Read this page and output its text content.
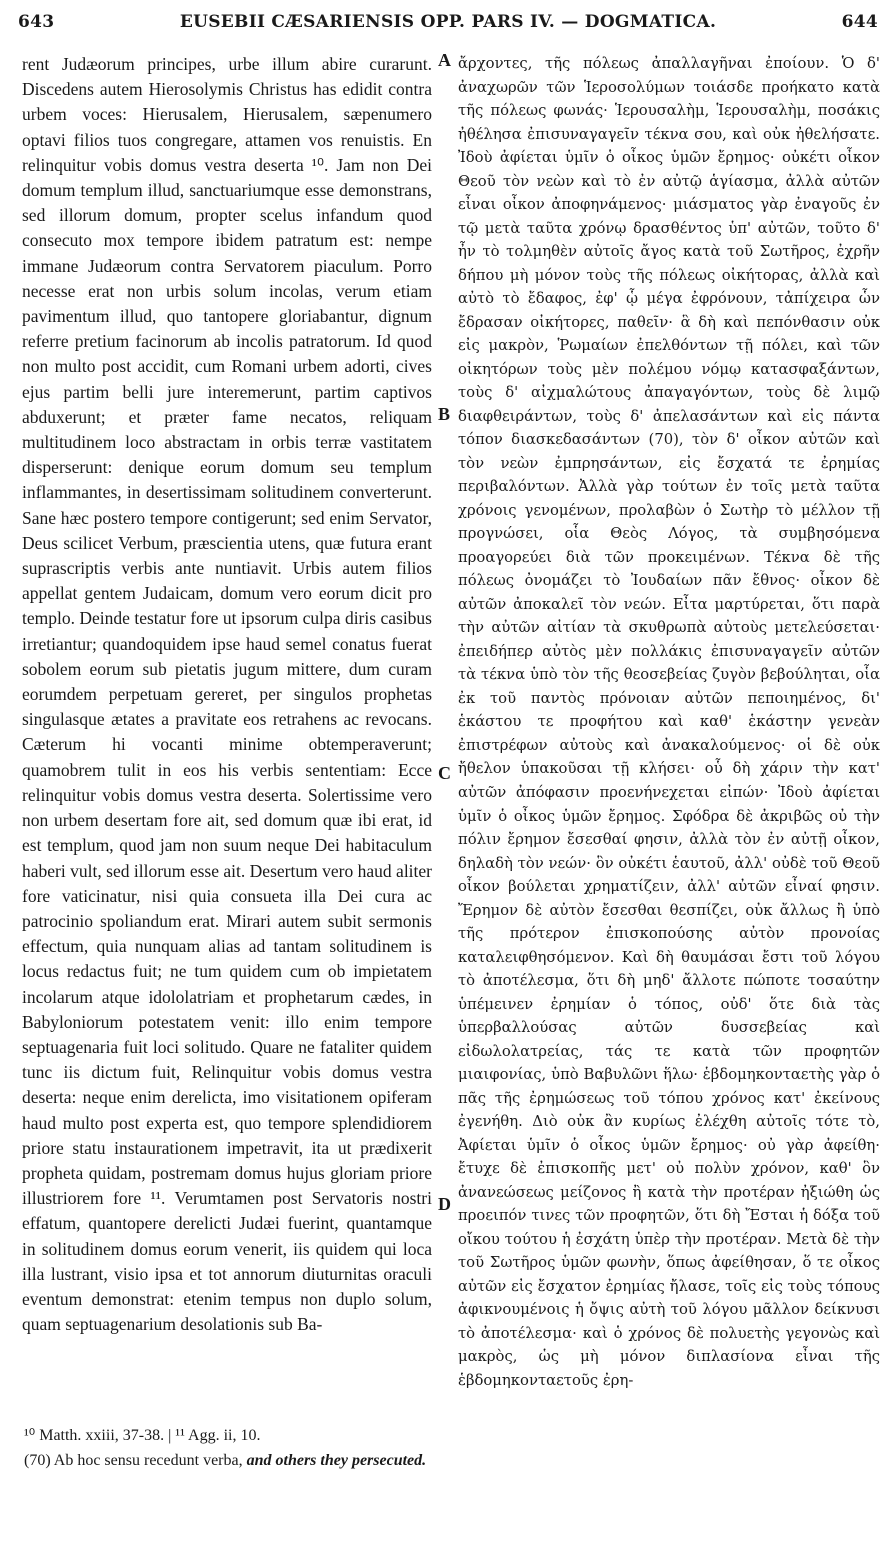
643	EUSEBII CÆSARIENSIS OPP. PARS IV. — DOGMATICA.	644

rent Judæorum principes, urbe illum abire curarunt. Discedens autem Hierosolymis Christus has edidit contra urbem voces: Hierusalem, Hierusalem, sæpenumero optavi filios tuos congregare, attamen vos renuistis. En relinquitur vobis domus vestra deserta ¹⁰. Jam non Dei domum templum illud, sanctuariumque esse demonstrans, sed illorum domum, propter scelus infandum quod consecuto mox tempore ibidem patratum est: nempe immane Judæorum contra Servatorem piaculum. Porro necesse erat non urbis solum incolas, verum etiam pavimentum illud, quo tantopere gloriabantur, dignum referre pretium facinorum ab incolis patratorum. Id quod non multo post accidit, cum Romani urbem adorti, cives ejus partim belli jure interemerunt, partim captivos abduxerunt; et præter fame necatos, reliquam multitudinem loco abstractam in orbis terræ vastitatem disperserunt: denique eorum domum seu templum inflammantes, in desertissimam solitudinem converterunt. Sane hæc postero tempore contigerunt; sed enim Servator, Deus scilicet Verbum, præscientia utens, quæ futura erant suprascriptis verbis ante nuntiavit. Urbis autem filios appellat gentem Judaicam, domum vero eorum dicit pro templo. Deinde testatur fore ut ipsorum culpa diris casibus irretiantur; quandoquidem ipse haud semel conatus fuerat sobolem eorum sub pietatis jugum mittere, dum curam eorumdem perpetuam gereret, per singulos prophetas singulasque ætates a pravitate eos retrahens ac revocans. Cæterum hi vocanti minime obtemperaverunt; quamobrem tulit in eos his verbis sententiam: Ecce relinquitur vobis domus vestra deserta. Solertissime vero non urbem desertam fore ait, sed domum quæ ibi erat, id est templum, quod jam non suum neque Dei habitaculum haberi vult, sed illorum esse ait. Desertum vero haud aliter fore vaticinatur, nisi quia consueta illa Dei cura ac patrocinio spoliandum erat. Mirari autem subit sermonis effectum, quia nunquam alias ad tantam solitudinem is locus redactus fuit; ne tum quidem cum ob impietatem incolarum atque idololatriam et prophetarum cædes, in Babyloniorum potestatem venit: illo enim tempore septuagenaria fuit loci solitudo. Quare ne fataliter quidem tunc iis dictum fuit, Relinquitur vobis domus vestra deserta: neque enim derelicta, imo visitationem opiferam haud multo post experta est, quo tempore splendidiorem priore statu instaurationem impetravit, ita ut prædixerit propheta quidam, postremam domus hujus gloriam priore illustriorem fore ¹¹. Verumtamen post Servatoris nostri effatum, quantopere derelicti Judæi fuerint, quantamque in solitudinem domus eorum venerit, iis quidem qui loca illa lustrant, visio ipsa et tot annorum diuturnitas oraculi eventum demonstrat: etenim tempus non duplo solum, quam septuagenarium desolationis sub Ba-

A
B
C
D

ἄρχοντες, τῆς πόλεως ἀπαλλαγῆναι ἐποίουν. Ὁ δ' ἀναχωρῶν τῶν Ἱεροσολύμων τοιάσδε προήκατο κατὰ τῆς πόλεως φωνάς· Ἱερουσαλὴμ, Ἱερουσαλὴμ, ποσάκις ἠθέλησα ἐπισυναγαγεῖν τέκνα σου, καὶ οὐκ ἠθελήσατε. Ἰδοὺ ἀφίεται ὑμῖν ὁ οἶκος ὑμῶν ἔρημος· οὐκέτι οἶκον Θεοῦ τὸν νεὼν καὶ τὸ ἐν αὐτῷ ἁγίασμα, ἀλλὰ αὐτῶν εἶναι οἶκον ἀποφηνάμενος· μιάσματος γὰρ ἐναγοῦς ἐν τῷ μετὰ ταῦτα χρόνῳ δρασθέντος ὑπ' αὐτῶν, τοῦτο δ' ἦν τὸ τολμηθὲν αὐτοῖς ἄγος κατὰ τοῦ Σωτῆρος, ἐχρῆν δήπου μὴ μόνον τοὺς τῆς πόλεως οἰκήτορας, ἀλλὰ καὶ αὐτὸ τὸ ἔδαφος, ἐφ' ᾧ μέγα ἐφρόνουν, τἀπίχειρα ὧν ἔδρασαν οἰκήτορες, παθεῖν· ἃ δὴ καὶ πεπόνθασιν οὐκ εἰς μακρὸν, Ῥωμαίων ἐπελθόντων τῇ πόλει, καὶ τῶν οἰκητόρων τοὺς μὲν πολέμου νόμῳ κατασφαξάντων, τοὺς δ' αἰχμαλώτους ἀπαγαγόντων, τοὺς δὲ λιμῷ διαφθειράντων, τοὺς δ' ἀπελασάντων καὶ εἰς πάντα τόπον διασκεδασάντων (70), τὸν δ' οἶκον αὐτῶν καὶ τὸν νεὼν ἐμπρησάντων, εἰς ἔσχατά τε ἐρημίας περιβαλόντων. Ἀλλὰ γὰρ τούτων ἐν τοῖς μετὰ ταῦτα χρόνοις γενομένων, προλαβὼν ὁ Σωτὴρ τὸ μέλλον τῇ προγνώσει, οἷα Θεὸς Λόγος, τὰ συμβησόμενα προαγορεύει διὰ τῶν προκειμένων. Τέκνα δὲ τῆς πόλεως ὀνομάζει τὸ Ἰουδαίων πᾶν ἔθνος· οἶκον δὲ αὐτῶν ἀποκαλεῖ τὸν νεών. Εἶτα μαρτύρεται, ὅτι παρὰ τὴν αὐτῶν αἰτίαν τὰ σκυθρωπὰ αὐτοὺς μετελεύσεται· ἐπειδήπερ αὐτὸς μὲν πολλάκις ἐπισυναγαγεῖν αὐτῶν τὰ τέκνα ὑπὸ τὸν τῆς θεοσεβείας ζυγὸν βεβούληται, οἷα ἐκ τοῦ παντὸς πρόνοιαν αὐτῶν πεποιημένος, δι' ἑκάστου τε προφήτου καὶ καθ' ἑκάστην γενεὰν ἐπιστρέφων αὐτοὺς καὶ ἀνακαλούμενος· οἱ δὲ οὐκ ἤθελον ὑπακοῦσαι τῇ κλήσει· οὗ δὴ χάριν τὴν κατ' αὐτῶν ἀπόφασιν προενήνεχεται εἰπών· Ἰδοὺ ἀφίεται ὑμῖν ὁ οἶκος ὑμῶν ἔρημος. Σφόδρα δὲ ἀκριβῶς οὐ τὴν πόλιν ἔρημον ἔσεσθαί φησιν, ἀλλὰ τὸν ἐν αὐτῇ οἶκον, δηλαδὴ τὸν νεών· ὃν οὐκέτι ἑαυτοῦ, ἀλλ' οὐδὲ τοῦ Θεοῦ οἶκον βούλεται χρηματίζειν, ἀλλ' αὐτῶν εἶναί φησιν. Ἔρημον δὲ αὐτὸν ἔσεσθαι θεσπίζει, οὐκ ἄλλως ἢ ὑπὸ τῆς πρότερον ἐπισκοπούσης αὐτὸν προνοίας καταλειφθησόμενον. Καὶ δὴ θαυμάσαι ἔστι τοῦ λόγου τὸ ἀποτέλεσμα, ὅτι δὴ μηδ' ἄλλοτε πώποτε τοσαύτην ὑπέμεινεν ἐρημίαν ὁ τόπος, οὐδ' ὅτε διὰ τὰς ὑπερβαλλούσας αὐτῶν δυσσεβείας καὶ εἰδωλολατρείας, τάς τε κατὰ τῶν προφητῶν μιαιφονίας, ὑπὸ Βαβυλῶνι ἥλω· ἑβδομηκονταετὴς γὰρ ὁ πᾶς τῆς ἐρημώσεως τοῦ τόπου χρόνος κατ' ἐκείνους ἐγενήθη. Διὸ οὐκ ἂν κυρίως ἐλέχθη αὐτοῖς τότε τὸ, Ἀφίεται ὑμῖν ὁ οἶκος ὑμῶν ἔρημος· οὐ γὰρ ἀφείθη· ἔτυχε δὲ ἐπισκοπῆς μετ' οὐ πολὺν χρόνον, καθ' ὃν ἀνανεώσεως μείζονος ἢ κατὰ τὴν προτέραν ἠξιώθη ὡς προειπόν τινες τῶν προφητῶν, ὅτι δὴ Ἔσται ἡ δόξα τοῦ οἴκου τούτου ἡ ἐσχάτη ὑπὲρ τὴν προτέραν. Μετὰ δὲ τὴν τοῦ Σωτῆρος ὑμῶν φωνὴν, ὅπως ἀφείθησαν, ὅ τε οἶκος αὐτῶν εἰς ἔσχατον ἐρημίας ἤλασε, τοῖς εἰς τοὺς τόπους ἀφικνουμένοις ἡ ὄψις αὐτὴ τοῦ λόγου μᾶλλον δείκνυσι τὸ ἀποτέλεσμα· καὶ ὁ χρόνος δὲ πολυετὴς γεγονὼς καὶ μακρὸς, ὡς μὴ μόνον διπλασίονα εἶναι τῆς ἑβδομηκονταετοῦς ἐρη-

¹⁰ Matth. xxiii, 37-38. | ¹¹ Agg. ii, 10.

(70) Ab hoc sensu recedunt verba, and others they persecuted.
